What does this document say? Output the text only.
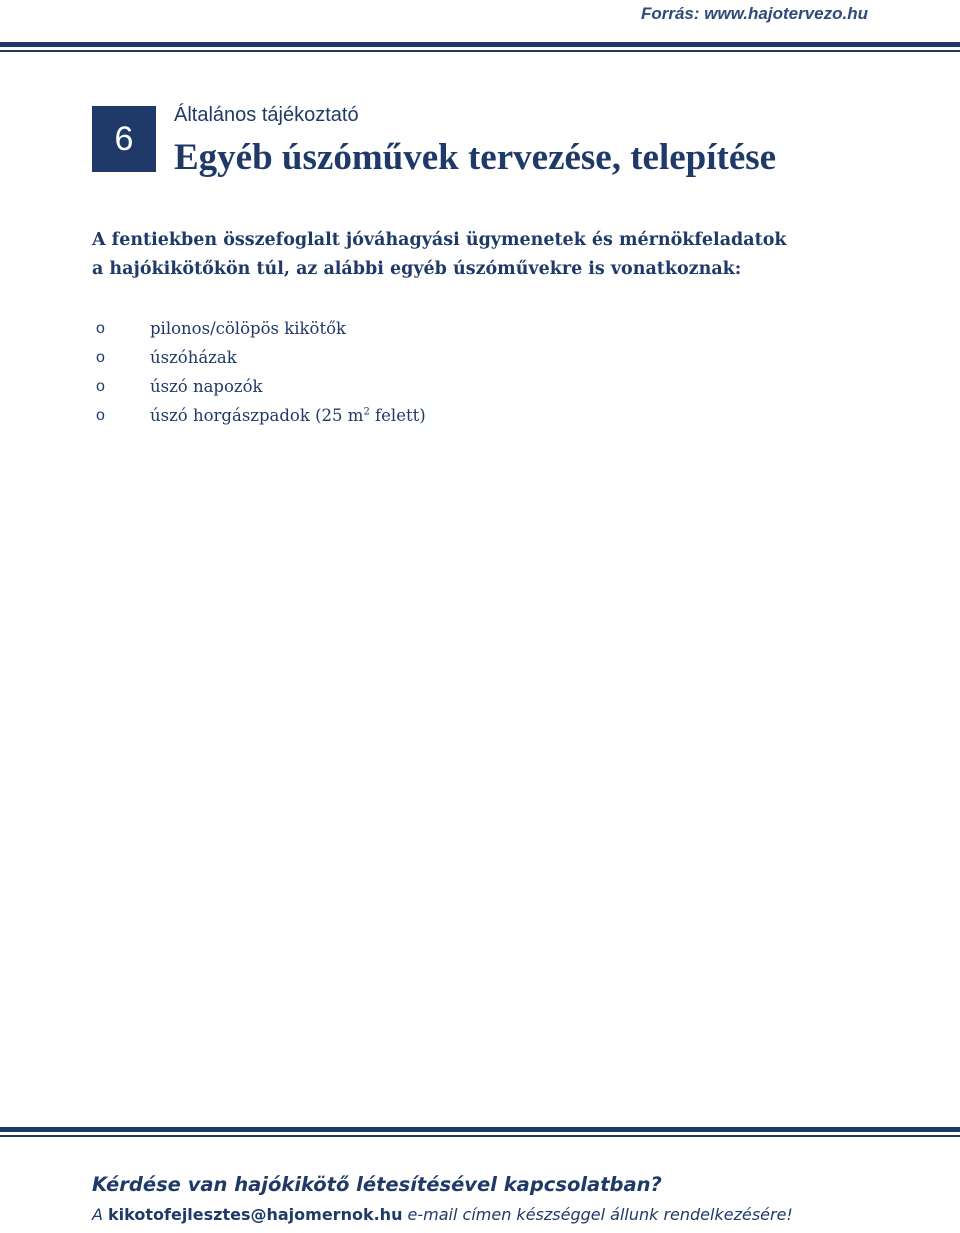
Forrás: www.hajotervezo.hu
6
Általános tájékoztató
Egyéb úszóművek tervezése, telepítése
A fentiekben összefoglalt jóváhagyási ügymenetek és mérnökfeladatok
a hajókikötőkön túl, az alábbi egyéb úszóművekre is vonatkoznak:
o	pilonos/cölöpös kikötők
o	úszóházak
o	úszó napozók
o	úszó horgászpadok (25 $m^2$ felett)
Kérdése van hajókikötő létesítésével kapcsolatban?
A kikotofejlesztes@hajomernok.hu e-mail címen készséggel állunk rendelkezésére!
